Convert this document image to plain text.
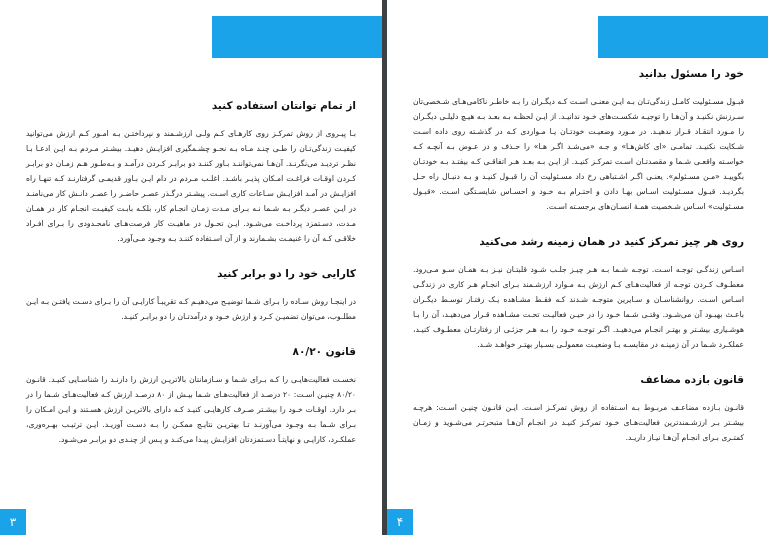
از تمام توانتان استفاده کنید

بـا پیـروی از روش تمرکـز روی کارهـای کـم ولـی ارزشـمند و نپرداختـن بـه امـور کـم ارزش می‌توانید کیفیـت زندگی‌تـان را طـی چنـد مـاه بـه نحـو چشـمگیری افزایـش دهیـد. بیشـتر مـردم بـه ایـن ادعـا بـا نظـر تردیـد می‌نگرنـد. آن‌هـا نمی‌تواننـد بـاور کننـد دو برابـر کـردن درآمـد و بـه‌طـور هـم زمـان دو برابـر کـردن اوقـات فراغـت امـکان پذیـر باشـد. اغلـب مـردم در دام ایـن بـاور قدیمـی گرفتارنـد کـه تنهـا راه افزایـش در آمـد افزایـش سـاعات کاری اسـت. پیشـتر درگـذر عصـر حاضـر را عصـر دانـش کار می‌نامنـد در ایـن عصـر دیگـر بـه شـما نـه بـرای مـدت زمـان انجـام کار، بلکـه بابـت کیفیـت انجـام کار در همـان مـدت، دسـتمزد پرداخـت می‌شـود. ایـن تحـول در ماهیـت کار فرصت‌هـای نامحـدودی را بـرای افـراد خلاقـی کـه آن را غنیمـت بشـمارند و از آن اسـتفاده کننـد بـه وجـود مـی‌آورد.

کارایی خود را دو برابر کنید

در اینجـا روش سـاده را بـرای شـما توضیـح می‌دهیـم کـه تقریبـاً کارایـی آن را بـرای دسـت یافتـن بـه ایـن مطلـوب، می‌توان تضمیـن کـرد و ارزش خـود و درآمدتـان را دو برابـر کنیـد.

قانون ۸۰/۲۰

نخسـت فعالیت‌هایـی را کـه بـرای شـما و سـازمانتان بالاتریـن ارزش را دارنـد را شناسـایی کنیـد. قانـون ۸۰/۲۰ چنیـن اسـت: ۲۰ درصـد از فعالیت‌هـای شـما بیـش از ۸۰ درصـد ارزش کـه فعالیت‌هـای شـما را در بـر دارد. اوقـات خـود را بیشـتر صـرف کارهایـی کنیـد کـه دارای بالاتریـن ارزش هسـتند و ایـن امـکان را بـرای شـما بـه وجـود می‌آورنـد تـا بهتریـن نتایـج ممکـن را بـه دسـت آوریـد. ایـن ترتیـب بهـره‌وری، عملکـرد، کارایـی و نهایتـاً دسـتمزدتان افزایـش پیـدا می‌کنـد و پـس از چنـدی دو برابـر می‌شـود.

۳
خود را مسئول بدانید

قبـول مسـئولیت کامـل زندگی‌تـان بـه ایـن معنـی اسـت کـه دیگـران را بـه خاطـر ناکامی‌هـای شـخصی‌تان سـرزنش نکنیـد و آن‌هـا را توجیـه شکسـت‌های خـود ندانیـد. از ایـن لحظـه بـه بعـد بـه هیـچ دلیلـی دیگـران را مـورد انتقـاد قـرار ندهیـد. در مـورد وضعیـت خودتـان یـا مـواردی کـه در گذشـته روی داده اسـت شـکایت نکنیـد. تمامـی «ای کاش‌هـا» و جـه «می‌شـد اگـر هـا» را حـذف و در عـوض بـه آنچـه کـه خواسـته واقعـی شـما و مقصدتـان اسـت تمرکـز کنیـد. از ایـن بـه بعـد هـر اتفاقـی کـه بیفتـد بـه خودتـان بگوییـد «مـن مسـئولم». یعنـی اگـر اشـتباهی رخ داد مسـئولیت آن را قبـول کنیـد و بـه دنبـال راه حـل بگردیـد. قبـول مسـئولیت اسـاس بهـا دادن و احتـرام بـه خـود و احسـاس شایسـتگی اسـت. «قبـول مسـئولیت» اسـاس شـخصیت همـهٔ انسـان‌های برجسـته اسـت.

روی هر چیز تمرکز کنید در همان زمینه رشد می‌کنید

اسـاس زندگـی توجـه اسـت. توجـه شـما بـه هـر چیـز جلـب شـود قلبتـان نیـز بـه همـان سـو مـی‌رود. معطـوف کـردن توجـه از فعالیت‌هـای کـم ارزش بـه مـوارد ارزشـمند بـرای انجـام هـر کاری در زندگـی اسـاس اسـت. روانشناسـان و سـایرین متوجـه شـدند کـه فقـط مشـاهده یـک رفتـار توسـط دیگـران باعـث بهبـود آن می‌شـود. وقتـی شـما خـود را در حیـن فعالیـت تحـت مشـاهده قـرار می‌دهیـد، آن را بـا هوشـیاری بیشـتر و بهتـر انجـام می‌دهیـد. اگـر توجـه خـود را بـه هـر جزئـی از رفتارتـان معطـوف کنیـد، عملکـرد شـما در آن زمینـه در مقایسـه بـا وضعیـت معمولـی بسـیار بهتـر خواهـد شـد.

قانون بازده مضاعف

قانـون بـازده مضاعـف مربـوط بـه اسـتفاده از روش تمرکـز اسـت. ایـن قانـون چنیـن اسـت: هرچـه بیشـتر بـر ارزشـمندترین فعالیت‌هـای خـود تمرکـز کنیـد در انجـام آن‌هـا متبحرتـر می‌شـوید و زمـان کمتـری بـرای انجـام آن‌هـا نیـاز داریـد.

۴
